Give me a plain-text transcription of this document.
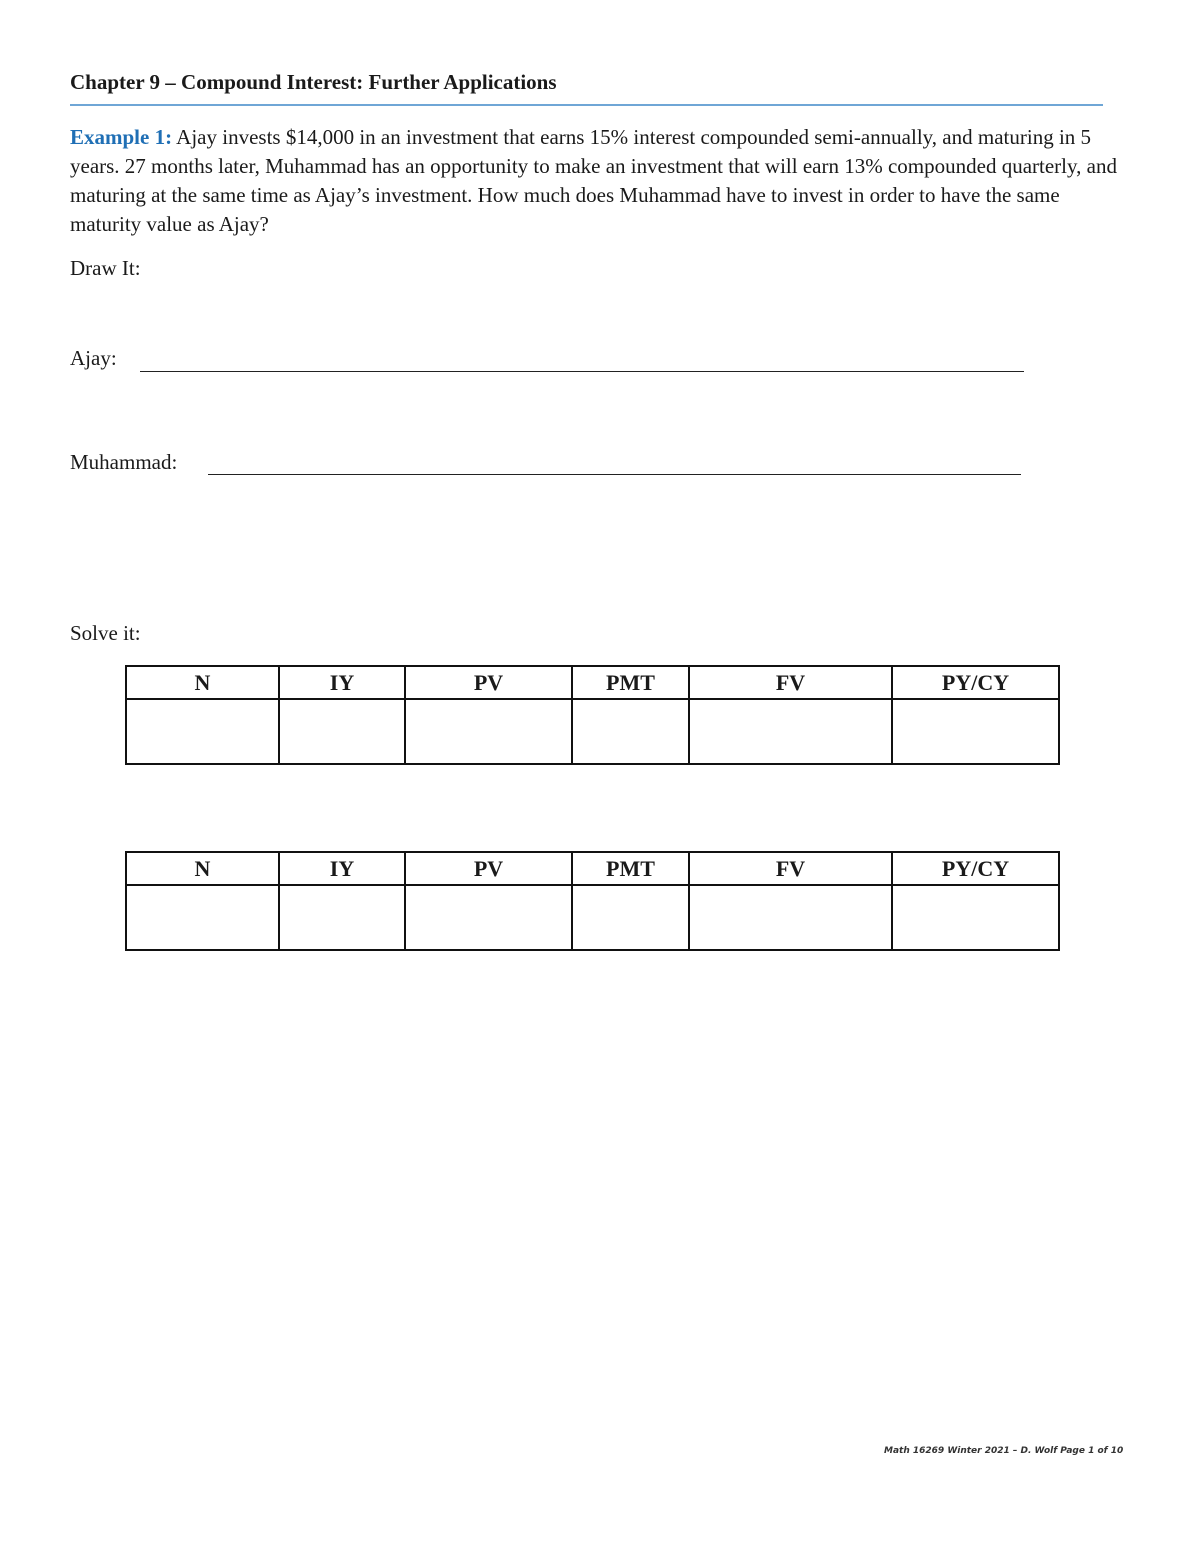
Chapter 9 – Compound Interest: Further Applications

Example 1: Ajay invests $14,000 in an investment that earns 15% interest compounded semi-annually, and maturing in 5 years. 27 months later, Muhammad has an opportunity to make an investment that will earn 13% compounded quarterly, and maturing at the same time as Ajay’s investment. How much does Muhammad have to invest in order to have the same maturity value as Ajay?

Draw It:

Ajay:

Muhammad:

Solve it:

N	IY	PV	PMT	FV	PY/CY

N	IY	PV	PMT	FV	PY/CY

Math 16269 Winter 2021 – D. Wolf Page 1 of 10
